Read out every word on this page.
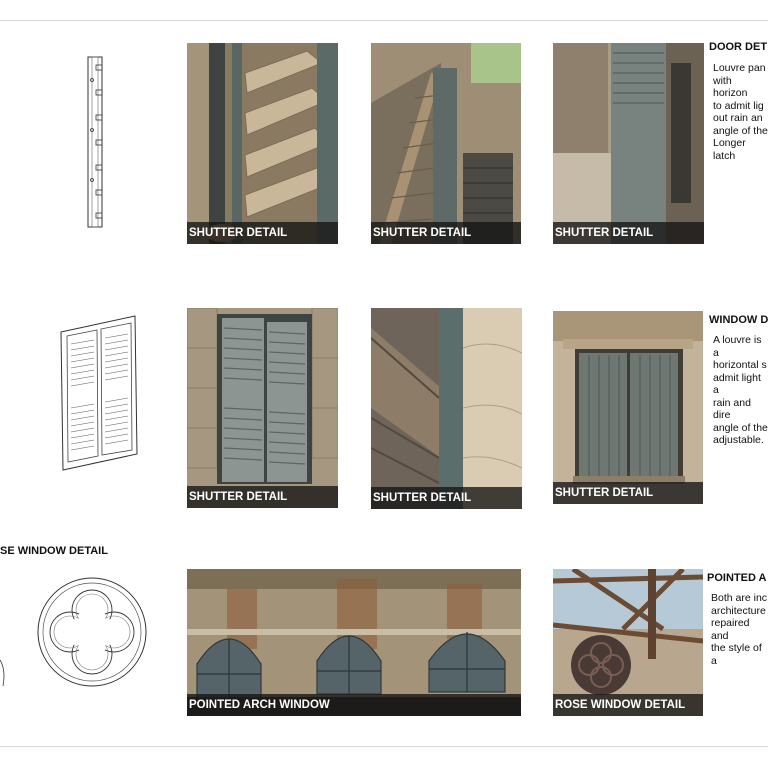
SHUTTER DETAIL	SHUTTER DETAIL	SHUTTER DETAIL
DOOR DET
Louvre pan
with horizon
to admit lig
out rain an
angle of the
Longer latch
SHUTTER DETAIL	SHUTTER DETAIL	SHUTTER DETAIL
WINDOW D
A louvre is a
horizontal s
admit light a
rain and dire
angle of the
adjustable.
SE WINDOW DETAIL
POINTED ARCH WINDOW	ROSE WINDOW DETAIL
POINTED A
Both are inc
architecture
repaired and
the style of a
